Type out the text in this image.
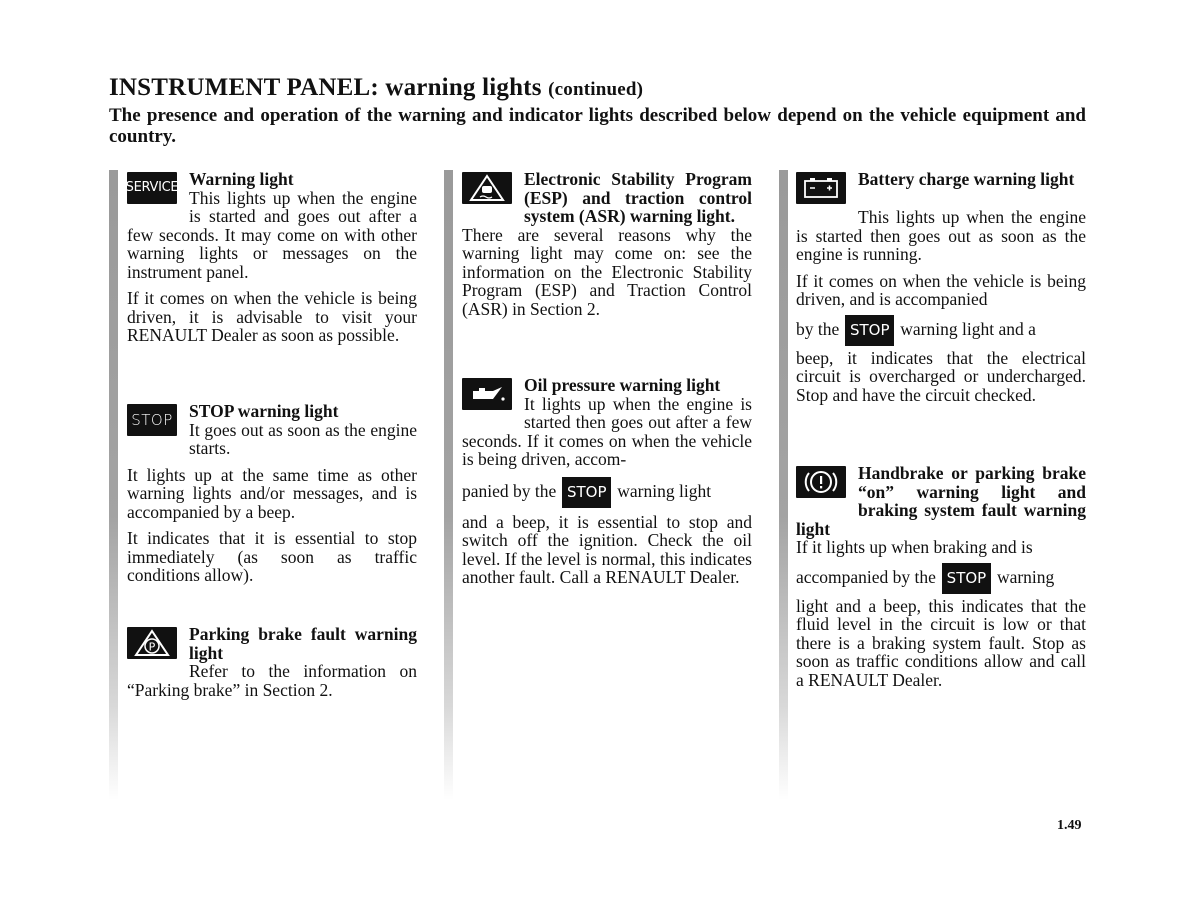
INSTRUMENT PANEL: warning lights (continued)
The presence and operation of the warning and indicator lights described below depend on the vehicle equipment and country.
SERVICE Warning light

This lights up when the engine is started and goes out after a few seconds. It may come on with other warning lights or messages on the instrument panel.

If it comes on when the vehicle is being driven, it is advisable to visit your RENAULT Dealer as soon as possible.

STOP STOP warning light

It goes out as soon as the engine starts.

It lights up at the same time as other warning lights and/or messages, and is accompanied by a beep.

It indicates that it is essential to stop immediately (as soon as traffic conditions allow).

P
Parking brake fault warning light

Refer to the information on “Parking brake” in Section 2.

Electronic Stability Program (ESP) and traction control system (ASR) warning light.

There are several reasons why the warning light may come on: see the information on the Electronic Stability Program (ESP) and Traction Control (ASR) in Section 2.

Oil pressure warning light

It lights up when the engine is started then goes out after a few seconds. If it comes on when the vehicle is being driven, accom-

panied by the STOP warning light

and a beep, it is essential to stop and switch off the ignition. Check the oil level. If the level is normal, this indicates another fault. Call a RENAULT Dealer.

Battery charge warning light

This lights up when the engine is started then goes out as soon as the engine is running.

If it comes on when the vehicle is being driven, and is accompanied

by the STOP warning light and a

beep, it indicates that the electrical circuit is overcharged or undercharged. Stop and have the circuit checked.

Handbrake or parking brake “on” warning light and braking system fault warning light

If it lights up when braking and is

accompanied by the STOP warning

light and a beep, this indicates that the fluid level in the circuit is low or that there is a braking system fault. Stop as soon as traffic conditions allow and call a RENAULT Dealer.

1.49
